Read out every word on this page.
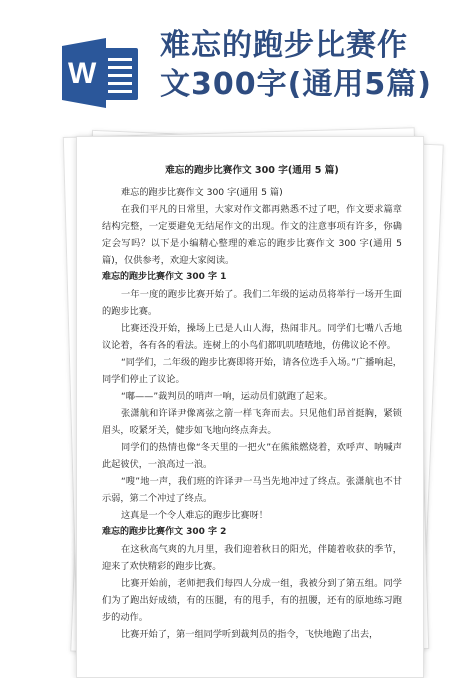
W
难忘的跑步比赛作
文300字(通用5篇)
难忘的跑步比赛作文 300 字(通用 5 篇)

难忘的跑步比赛作文 300 字(通用 5 篇)

在我们平凡的日常里，大家对作文都再熟悉不过了吧，作文要求篇章结构完整，一定要避免无结尾作文的出现。作文的注意事项有许多，你确定会写吗？以下是小编精心整理的难忘的跑步比赛作文 300 字(通用 5 篇)，仅供参考，欢迎大家阅读。

难忘的跑步比赛作文 300 字 1

一年一度的跑步比赛开始了。我们二年级的运动员将举行一场开生面的跑步比赛。

比赛还没开始，操场上已是人山人海，热闹非凡。同学们七嘴八舌地议论着，各有各的看法。连树上的小鸟们都叽叽喳喳地，仿佛议论不停。

“同学们，二年级的跑步比赛即将开始，请各位选手入场。”广播响起，同学们停止了议论。

“嘟——”裁判员的哨声一响，运动员们就跑了起来。

张潇航和许译尹像离弦之箭一样飞奔而去。只见他们昂首挺胸，紧锁眉头，咬紧牙关，健步如飞地向终点奔去。

同学们的热情也像“冬天里的一把火”在熊熊燃烧着，欢呼声、呐喊声此起彼伏，一浪高过一浪。

“嗖”地一声，我们班的许译尹一马当先地冲过了终点。张潇航也不甘示弱，第二个冲过了终点。

这真是一个令人难忘的跑步比赛呀！

难忘的跑步比赛作文 300 字 2

在这秋高气爽的九月里，我们迎着秋日的阳光，伴随着收获的季节，迎来了欢快精彩的跑步比赛。

比赛开始前，老师把我们每四人分成一组，我被分到了第五组。同学们为了跑出好成绩，有的压腿，有的甩手，有的扭腰，还有的原地练习跑步的动作。

比赛开始了，第一组同学听到裁判员的指令，飞快地跑了出去，
